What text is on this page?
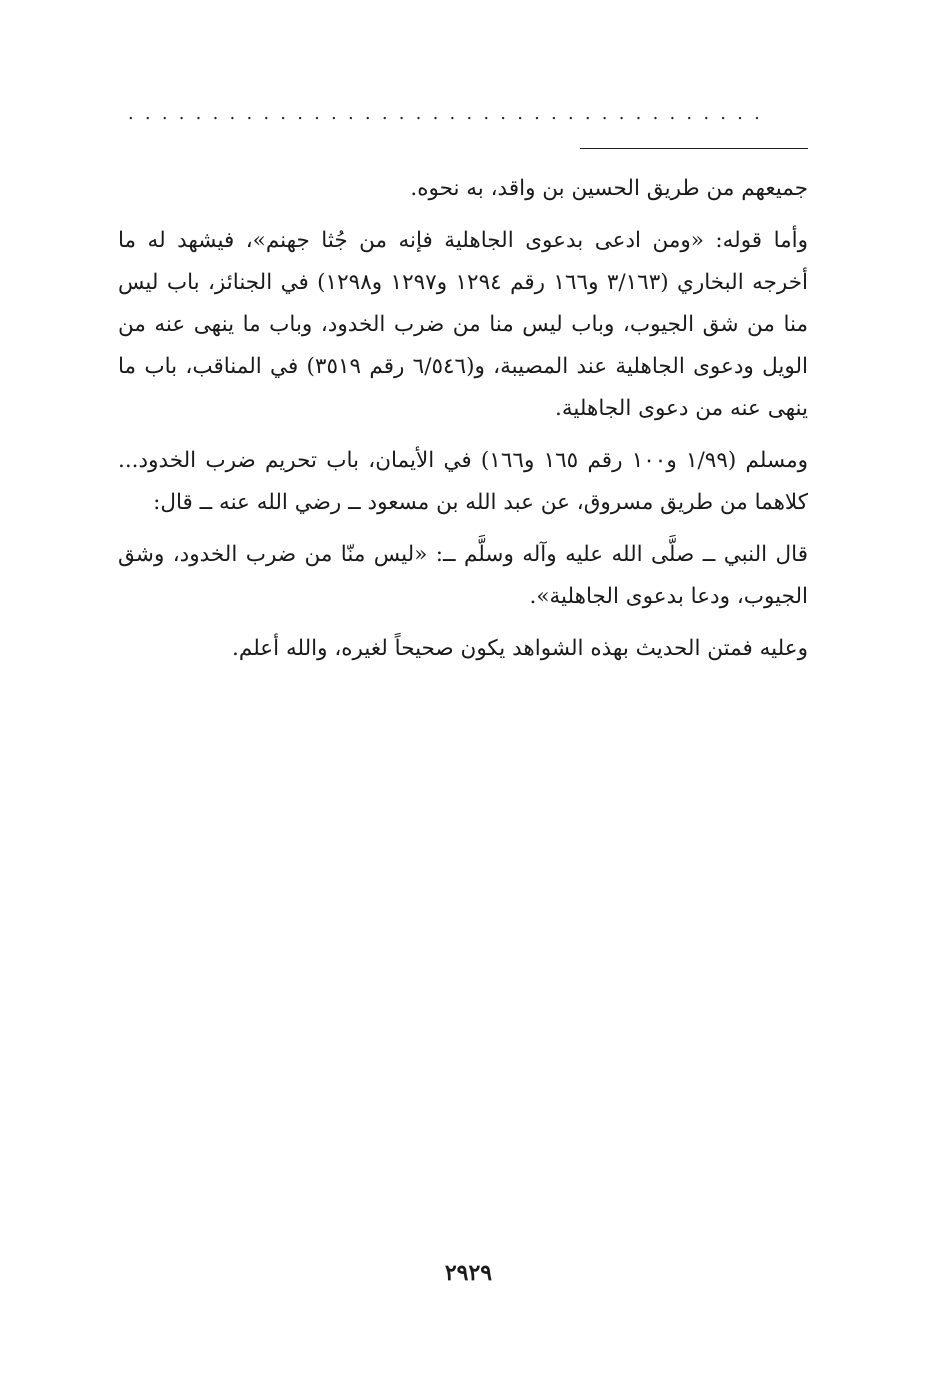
......................................

جميعهم من طريق الحسين بن واقد، به نحوه.

وأما قوله: «ومن ادعى بدعوى الجاهلية فإنه من جُثا جهنم»، فيشهد له ما أخرجه البخاري (٣/١٦٣ و١٦٦ رقم ١٢٩٤ و١٢٩٧ و١٢٩٨) في الجنائز، باب ليس منا من شق الجيوب، وباب ليس منا من ضرب الخدود، وباب ما ينهى عنه من الويل ودعوى الجاهلية عند المصيبة، و(٦/٥٤٦ رقم ٣٥١٩) في المناقب، باب ما ينهى عنه من دعوى الجاهلية.

ومسلم (١/٩٩ و١٠٠ رقم ١٦٥ و١٦٦) في الأيمان، باب تحريم ضرب الخدود... كلاهما من طريق مسروق، عن عبد الله بن مسعود ــ رضي الله عنه ــ قال:

قال النبي ــ صلَّى الله عليه وآله وسلَّم ــ: «ليس منّا من ضرب الخدود، وشق الجيوب، ودعا بدعوى الجاهلية».

وعليه فمتن الحديث بهذه الشواهد يكون صحيحاً لغيره، والله أعلم.

٢٩٢٩
